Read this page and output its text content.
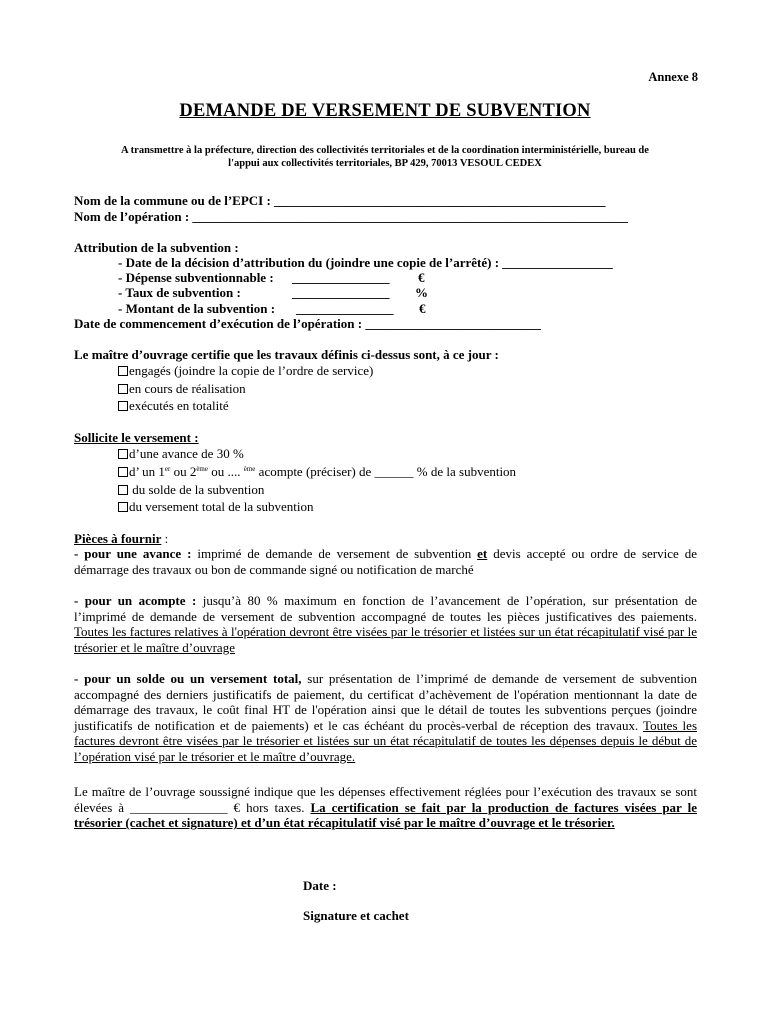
Annexe 8
DEMANDE DE VERSEMENT DE SUBVENTION
A transmettre à la préfecture, direction des collectivités territoriales et de la coordination interministérielle, bureau de
l'appui aux collectivités territoriales, BP 429, 70013 VESOUL CEDEX
Nom de la commune ou de l’EPCI : ___________________________________________________
Nom de l’opération : ___________________________________________________________________
Attribution de la subvention :
- Date de la décision d’attribution du (joindre une copie de l’arrêté) : _________________
- Dépense subventionnable : _______________ €
- Taux de subvention :	_______________ %
- Montant de la subvention : _______________ €
Date de commencement d’exécution de l’opération : ___________________________
Le maître d’ouvrage certifie que les travaux définis ci-dessus sont, à ce jour :
engagés (joindre la copie de l’ordre de service)
en cours de réalisation
exécutés en totalité
Sollicite le versement :
d’une avance de 30 %
d’ un 1er ou 2ème ou .... $^{ème}$ acompte (préciser) de ______ % de la subvention
du solde de la subvention
du versement total de la subvention
Pièces à fournir :
- pour une avance : imprimé de demande de versement de subvention et devis accepté ou ordre de service de démarrage des travaux ou bon de commande signé ou notification de marché
- pour un acompte : jusqu’à 80 % maximum en fonction de l’avancement de l’opération, sur présentation de l’imprimé de demande de versement de subvention accompagné de toutes les pièces justificatives des paiements. Toutes les factures relatives à l'opération devront être visées par le trésorier et listées sur un état récapitulatif visé par le trésorier et le maître d’ouvrage
- pour un solde ou un versement total, sur présentation de l’imprimé de demande de versement de subvention accompagné des derniers justificatifs de paiement, du certificat d’achèvement de l'opération mentionnant la date de démarrage des travaux, le coût final HT de l'opération ainsi que le détail de toutes les subventions perçues (joindre justificatifs de notification et de paiements) et le cas échéant du procès-verbal de réception des travaux. Toutes les factures devront être visées par le trésorier et listées sur un état récapitulatif de toutes les dépenses depuis le début de l’opération visé par le trésorier et le maître d’ouvrage.
Le maître de l’ouvrage soussigné indique que les dépenses effectivement réglées pour l’exécution des travaux se sont élevées à _______________ € hors taxes. La certification se fait par la production de factures visées par le trésorier (cachet et signature) et d’un état récapitulatif visé par le maître d’ouvrage et le trésorier.
Date :
Signature et cachet
